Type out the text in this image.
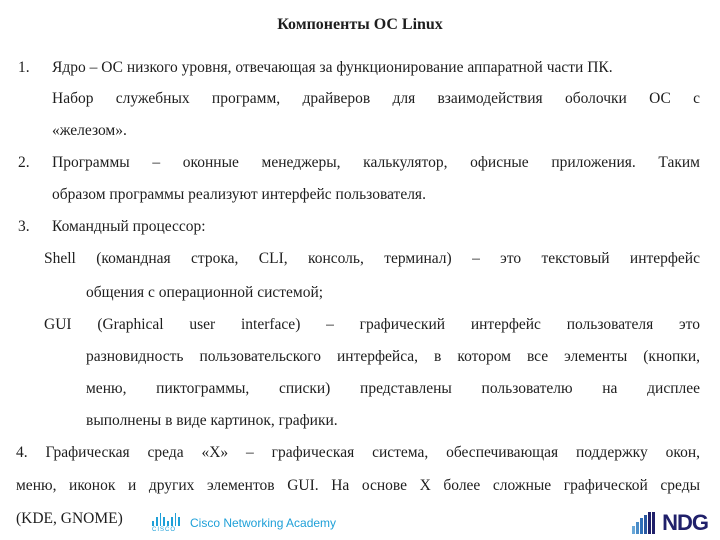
Компоненты ОС Linux
1. Ядро – ОС низкого уровня, отвечающая за функционирование аппаратной части ПК.
Набор служебных программ, драйверов для взаимодействия оболочки ОС с
«железом».
2. Программы – оконные менеджеры, калькулятор, офисные приложения. Таким
образом программы реализуют интерфейс пользователя.
3. Командный процессор:
Shell (командная строка, CLI, консоль, терминал) – это текстовый интерфейс
общения с операционной системой;
GUI (Graphical user interface) – графический интерфейс пользователя это
разновидность пользовательского интерфейса, в котором все элементы (кнопки,
меню, пиктограммы, списки) представлены пользователю на дисплее
выполнены в виде картинок, графики.
4. Графическая среда «X» – графическая система, обеспечивающая поддержку окон,
меню, иконок и других элементов GUI. На основе X более сложные графической среды
(KDE, GNOME)
CISCO Cisco Networking Academy	NDG
